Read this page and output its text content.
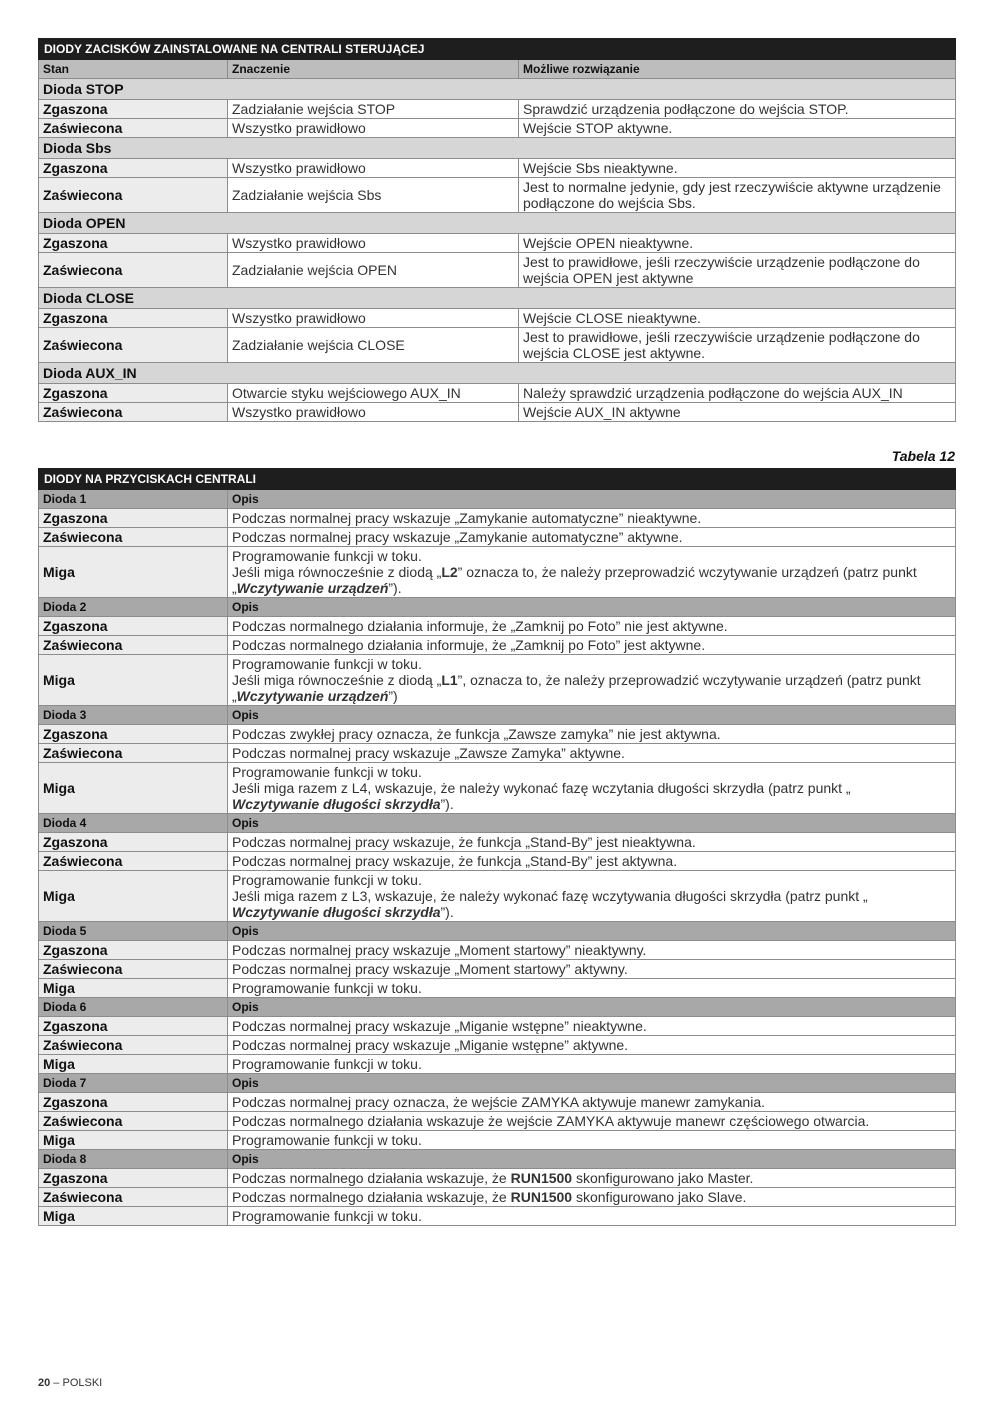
DIODY ZACISKÓW ZAINSTALOWANE NA CENTRALI STERUJĄCEJ		
Stan	Znaczenie	Możliwe rozwiązanie
Dioda STOP		
Zgaszona	Zadziałanie wejścia STOP	Sprawdzić urządzenia podłączone do wejścia STOP.
Zaświecona	Wszystko prawidłowo	Wejście STOP aktywne.
Dioda Sbs		
Zgaszona	Wszystko prawidłowo	Wejście Sbs nieaktywne.
Zaświecona	Zadziałanie wejścia Sbs	Jest to normalne jedynie, gdy jest rzeczywiście aktywne urządzenie podłączone do wejścia Sbs.
Dioda OPEN		
Zgaszona	Wszystko prawidłowo	Wejście OPEN nieaktywne.
Zaświecona	Zadziałanie wejścia OPEN	Jest to prawidłowe, jeśli rzeczywiście urządzenie podłączone do wejścia OPEN jest aktywne
Dioda CLOSE		
Zgaszona	Wszystko prawidłowo	Wejście CLOSE nieaktywne.
Zaświecona	Zadziałanie wejścia CLOSE	Jest to prawidłowe, jeśli rzeczywiście urządzenie podłączone do wejścia CLOSE jest aktywne.
Dioda AUX_IN		
Zgaszona	Otwarcie styku wejściowego AUX_IN	Należy sprawdzić urządzenia podłączone do wejścia AUX_IN
Zaświecona	Wszystko prawidłowo	Wejście AUX_IN aktywne
Tabela 12
DIODY NA PRZYCISKACH CENTRALI	
Dioda 1	Opis
Zgaszona	Podczas normalnej pracy wskazuje „Zamykanie automatyczne” nieaktywne.

Zaświecona	Podczas normalnej pracy wskazuje „Zamykanie automatyczne” aktywne.

Miga	Programowanie funkcji w toku.
Jeśli miga równocześnie z diodą „L2” oznacza to, że należy przeprowadzić wczytywanie urządzeń (patrz punkt
„Wczytywanie urządzeń”).

Dioda 2	Opis
Zgaszona	Podczas normalnego działania informuje, że „Zamknij po Foto” nie jest aktywne.

Zaświecona	Podczas normalnego działania informuje, że „Zamknij po Foto” jest aktywne.

Miga	Programowanie funkcji w toku.
Jeśli miga równocześnie z diodą „L1”, oznacza to, że należy przeprowadzić wczytywanie urządzeń (patrz punkt
„Wczytywanie urządzeń”)

Dioda 3	Opis
Zgaszona	Podczas zwykłej pracy oznacza, że funkcja „Zawsze zamyka” nie jest aktywna.

Zaświecona	Podczas normalnej pracy wskazuje „Zawsze Zamyka” aktywne.

Miga	Programowanie funkcji w toku.
Jeśli miga razem z L4, wskazuje, że należy wykonać fazę wczytania długości skrzydła (patrz punkt „
Wczytywanie długości skrzydła”).

Dioda 4	Opis
Zgaszona	Podczas normalnej pracy wskazuje, że funkcja „Stand-By” jest nieaktywna.

Zaświecona	Podczas normalnej pracy wskazuje, że funkcja „Stand-By” jest aktywna.

Miga	Programowanie funkcji w toku.
Jeśli miga razem z L3, wskazuje, że należy wykonać fazę wczytywania długości skrzydła (patrz punkt „
Wczytywanie długości skrzydła”).

Dioda 5	Opis
Zgaszona	Podczas normalnej pracy wskazuje „Moment startowy” nieaktywny.

Zaświecona	Podczas normalnej pracy wskazuje „Moment startowy” aktywny.

Miga	Programowanie funkcji w toku.

Dioda 6	Opis
Zgaszona	Podczas normalnej pracy wskazuje „Miganie wstępne” nieaktywne.

Zaświecona	Podczas normalnej pracy wskazuje „Miganie wstępne” aktywne.

Miga	Programowanie funkcji w toku.

Dioda 7	Opis
Zgaszona	Podczas normalnej pracy oznacza, że wejście ZAMYKA aktywuje manewr zamykania.

Zaświecona	Podczas normalnego działania wskazuje że wejście ZAMYKA aktywuje manewr częściowego otwarcia.

Miga	Programowanie funkcji w toku.

Dioda 8	Opis
Zgaszona	Podczas normalnego działania wskazuje, że RUN1500 skonfigurowano jako Master.

Zaświecona	Podczas normalnego działania wskazuje, że RUN1500 skonfigurowano jako Slave.

Miga	Programowanie funkcji w toku.
20 – POLSKI
